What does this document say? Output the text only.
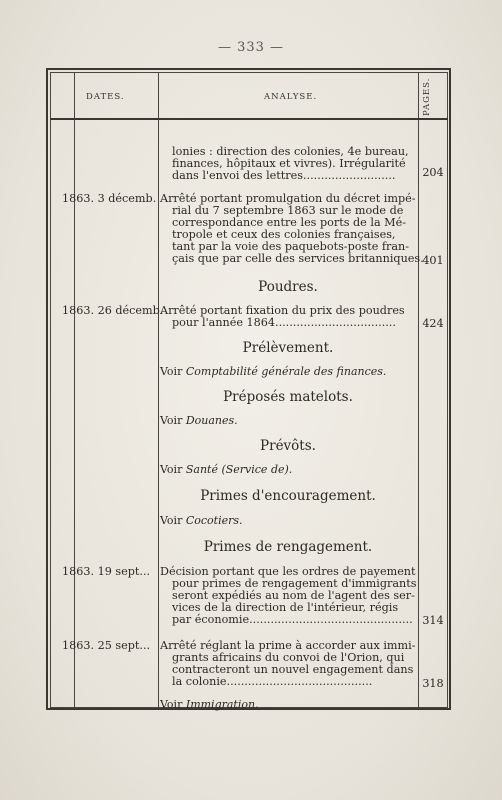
— 333 —
DATES.	ANALYSE.	PAGES.
lonies : direction des colonies, 4e bureau,
finances, hôpitaux et vivres). Irrégularité
dans l'envoi des lettres..........................	204
1863. 3 décemb. Arrêté portant promulgation du décret impé-
rial du 7 septembre 1863 sur le mode de
correspondance entre les ports de la Mé-
tropole et ceux des colonies françaises,
tant par la voie des paquebots-poste fran-
çais que par celle des services britanniques.
401
Poudres.
1863. 26 décemb.
Arrêté portant fixation du prix des poudres
pour l'année 1864..................................	424
Prélèvement.
Voir Comptabilité générale des finances.
Préposés matelots.
Voir Douanes.
Prévôts.
Voir Santé (Service de).
Primes d'encouragement.
Voir Cocotiers.
Primes de rengagement.
1863. 19 sept... Décision portant que les ordres de payement
pour primes de rengagement d'immigrants
seront expédiés au nom de l'agent des ser-
vices de la direction de l'intérieur, régis
par économie.............................................. 314
1863. 25 sept... Arrêté réglant la prime à accorder aux immi-
grants africains du convoi de l'Orion, qui
contracteront un nouvel engagement dans
la colonie.........................................	318
Voir Immigration.
